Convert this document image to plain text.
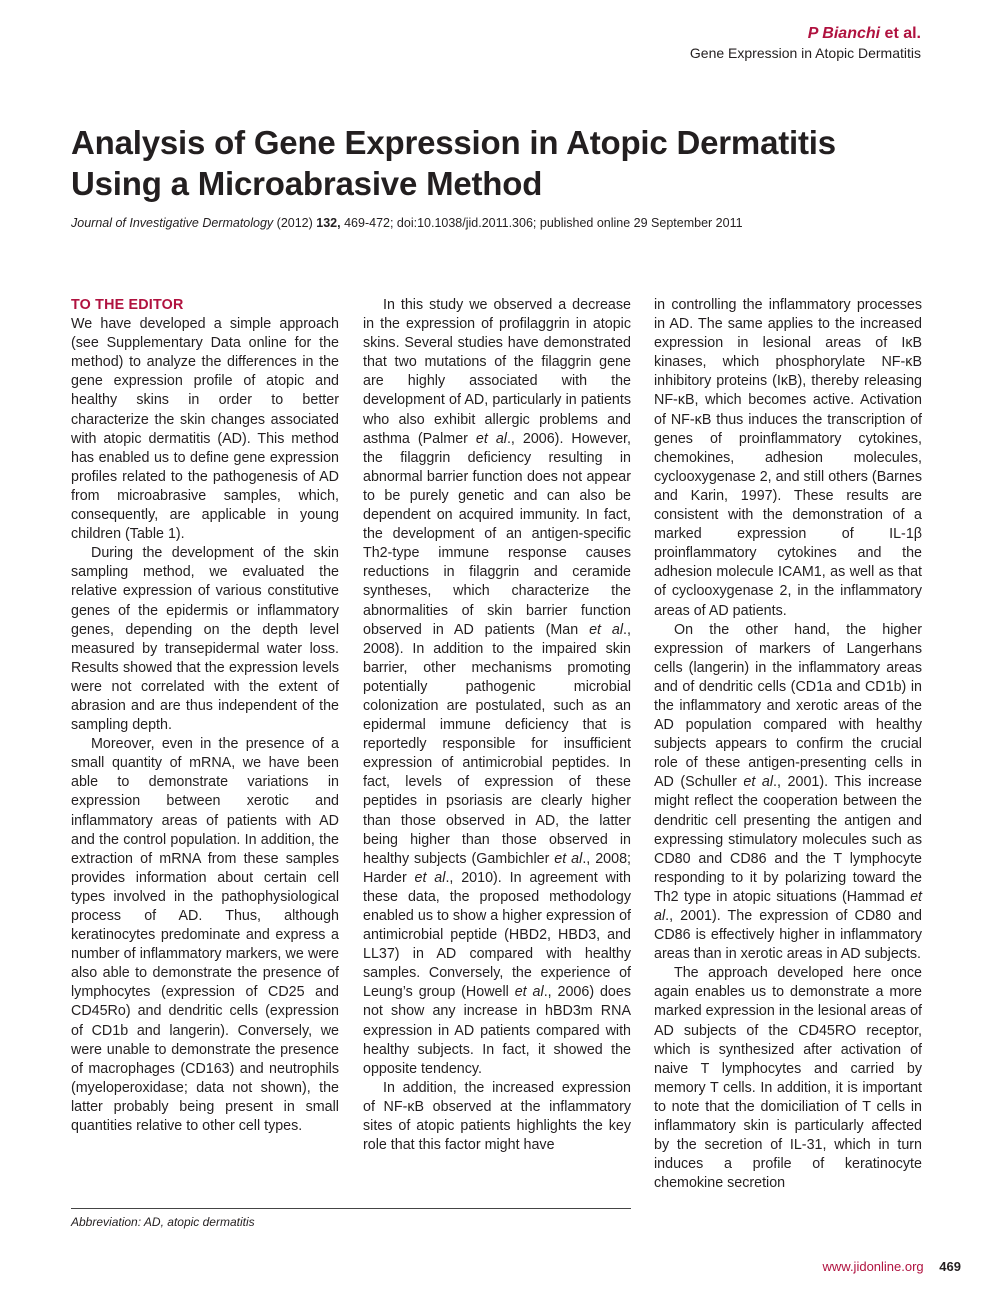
P Bianchi et al.
Gene Expression in Atopic Dermatitis
Analysis of Gene Expression in Atopic Dermatitis Using a Microabrasive Method
Journal of Investigative Dermatology (2012) 132, 469-472; doi:10.1038/jid.2011.306; published online 29 September 2011
TO THE EDITOR

We have developed a simple approach (see Supplementary Data online for the method) to analyze the differences in the gene expression profile of atopic and healthy skins in order to better characterize the skin changes associated with atopic dermatitis (AD). This method has enabled us to define gene expression profiles related to the pathogenesis of AD from microabrasive samples, which, consequently, are applicable in young children (Table 1).

During the development of the skin sampling method, we evaluated the relative expression of various constitutive genes of the epidermis or inflammatory genes, depending on the depth level measured by transepidermal water loss. Results showed that the expression levels were not correlated with the extent of abrasion and are thus independent of the sampling depth.

Moreover, even in the presence of a small quantity of mRNA, we have been able to demonstrate variations in expression between xerotic and inflammatory areas of patients with AD and the control population. In addition, the extraction of mRNA from these samples provides information about certain cell types involved in the pathophysiological process of AD. Thus, although keratinocytes predominate and express a number of inflammatory markers, we were also able to demonstrate the presence of lymphocytes (expression of CD25 and CD45Ro) and dendritic cells (expression of CD1b and langerin). Conversely, we were unable to demonstrate the presence of macrophages (CD163) and neutrophils (myeloperoxidase; data not shown), the latter probably being present in small quantities relative to other cell types.

In this study we observed a decrease in the expression of profilaggrin in atopic skins. Several studies have demonstrated that two mutations of the filaggrin gene are highly associated with the development of AD, particularly in patients who also exhibit allergic problems and asthma (Palmer et al., 2006). However, the filaggrin deficiency resulting in abnormal barrier function does not appear to be purely genetic and can also be dependent on acquired immunity. In fact, the development of an antigen-specific Th2-type immune response causes reductions in filaggrin and ceramide syntheses, which characterize the abnormalities of skin barrier function observed in AD patients (Man et al., 2008). In addition to the impaired skin barrier, other mechanisms promoting potentially pathogenic microbial colonization are postulated, such as an epidermal immune deficiency that is reportedly responsible for insufficient expression of antimicrobial peptides. In fact, levels of expression of these peptides in psoriasis are clearly higher than those observed in AD, the latter being higher than those observed in healthy subjects (Gambichler et al., 2008; Harder et al., 2010). In agreement with these data, the proposed methodology enabled us to show a higher expression of antimicrobial peptide (HBD2, HBD3, and LL37) in AD compared with healthy samples. Conversely, the experience of Leung’s group (Howell et al., 2006) does not show any increase in hBD3m RNA expression in AD patients compared with healthy subjects. In fact, it showed the opposite tendency.

In addition, the increased expression of NF-κB observed at the inflammatory sites of atopic patients highlights the key role that this factor might have

in controlling the inflammatory processes in AD. The same applies to the increased expression in lesional areas of IκB kinases, which phosphorylate NF-κB inhibitory proteins (IκB), thereby releasing NF-κB, which becomes active. Activation of NF-κB thus induces the transcription of genes of proinflammatory cytokines, chemokines, adhesion molecules, cyclooxygenase 2, and still others (Barnes and Karin, 1997). These results are consistent with the demonstration of a marked expression of IL-1β proinflammatory cytokines and the adhesion molecule ICAM1, as well as that of cyclooxygenase 2, in the inflammatory areas of AD patients.

On the other hand, the higher expression of markers of Langerhans cells (langerin) in the inflammatory areas and of dendritic cells (CD1a and CD1b) in the inflammatory and xerotic areas of the AD population compared with healthy subjects appears to confirm the crucial role of these antigen-presenting cells in AD (Schuller et al., 2001). This increase might reflect the cooperation between the dendritic cell presenting the antigen and expressing stimulatory molecules such as CD80 and CD86 and the T lymphocyte responding to it by polarizing toward the Th2 type in atopic situations (Hammad et al., 2001). The expression of CD80 and CD86 is effectively higher in inflammatory areas than in xerotic areas in AD subjects.

The approach developed here once again enables us to demonstrate a more marked expression in the lesional areas of AD subjects of the CD45RO receptor, which is synthesized after activation of naive T lymphocytes and carried by memory T cells. In addition, it is important to note that the domiciliation of T cells in inflammatory skin is particularly affected by the secretion of IL-31, which in turn induces a profile of keratinocyte chemokine secretion

Abbreviation: AD, atopic dermatitis
www.jidonline.org 469
